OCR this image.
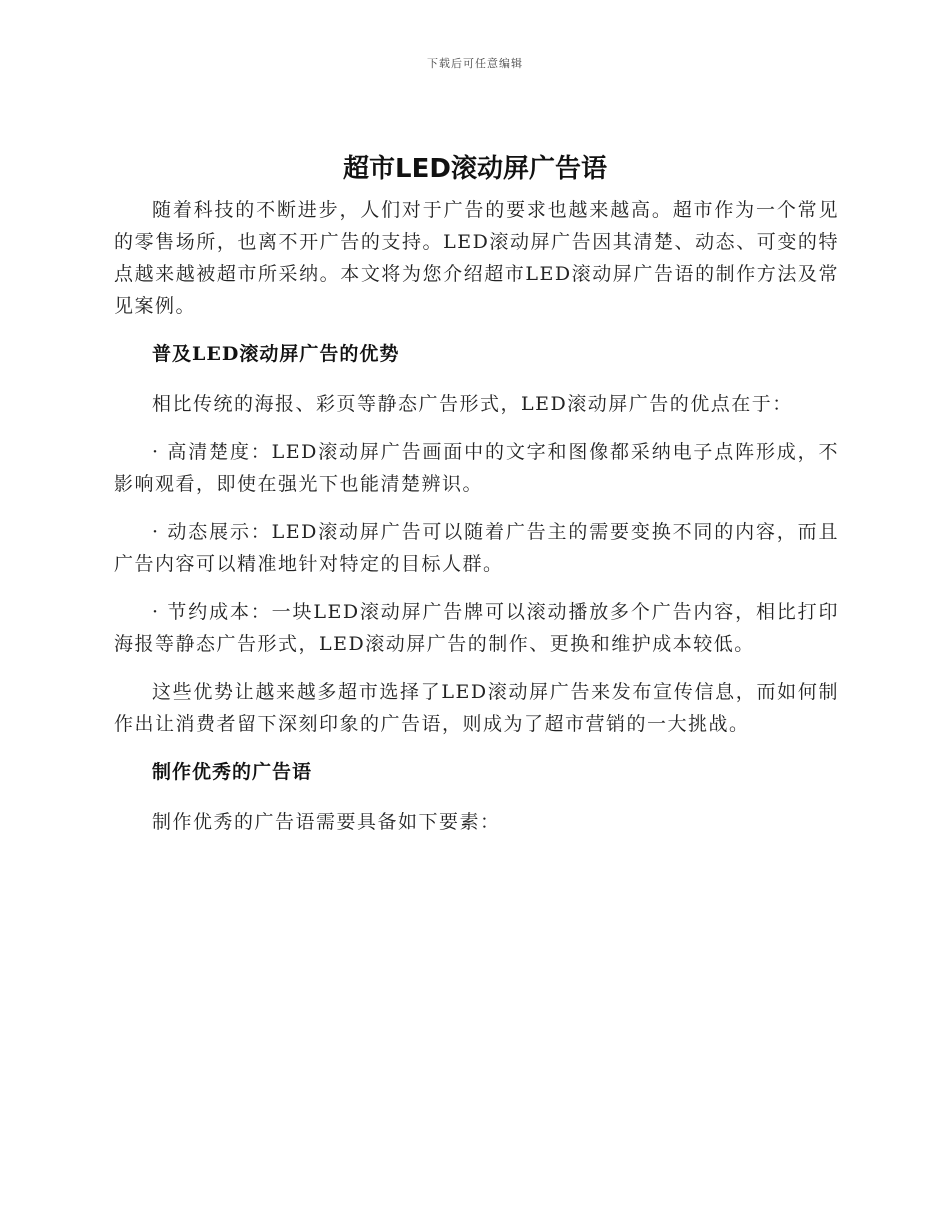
下载后可任意编辑
超市LED滚动屏广告语

随着科技的不断进步，人们对于广告的要求也越来越高。超市作为一个常见的零售场所，也离不开广告的支持。LED滚动屏广告因其清楚、动态、可变的特点越来越被超市所采纳。本文将为您介绍超市LED滚动屏广告语的制作方法及常见案例。

普及LED滚动屏广告的优势

相比传统的海报、彩页等静态广告形式，LED滚动屏广告的优点在于：

· 高清楚度：LED滚动屏广告画面中的文字和图像都采纳电子点阵形成，不影响观看，即使在强光下也能清楚辨识。

· 动态展示：LED滚动屏广告可以随着广告主的需要变换不同的内容，而且广告内容可以精准地针对特定的目标人群。

· 节约成本：一块LED滚动屏广告牌可以滚动播放多个广告内容，相比打印海报等静态广告形式，LED滚动屏广告的制作、更换和维护成本较低。

这些优势让越来越多超市选择了LED滚动屏广告来发布宣传信息，而如何制作出让消费者留下深刻印象的广告语，则成为了超市营销的一大挑战。

制作优秀的广告语

制作优秀的广告语需要具备如下要素：
